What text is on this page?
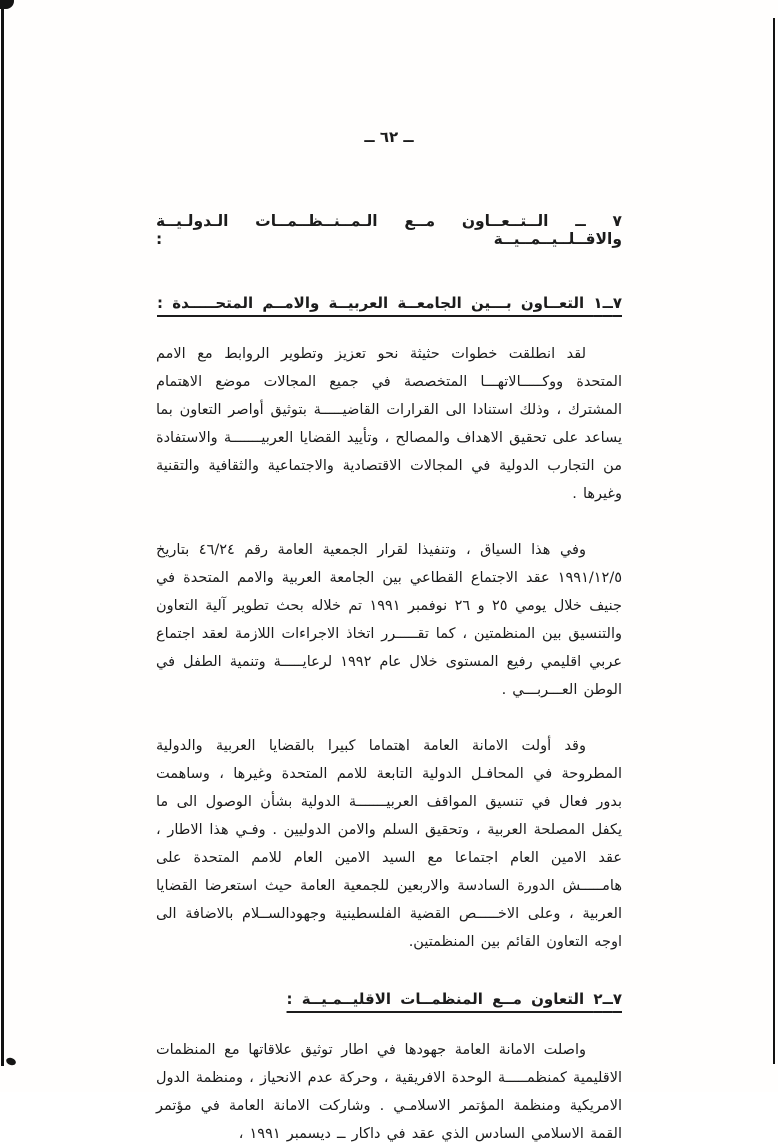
ــ ٦٢ ــ
٧ ــ الــتــعــاون مــع الـمــنــظــمــات الـدولـيــة والاقــلــيــمــيــة :
٧ــ١ التعــاون بـــين الجامعــة العربيــة والامــم المتحـــــدة :

لقد انطلقت خطوات حثيثة نحو تعزيز وتطوير الروابط مع الامم المتحدة ووكـــــالاتهـــا المتخصصة في جميع المجالات موضع الاهتمام المشترك ، وذلك استنادا الى القرارات القاضيـــــة بتوثيق أواصر التعاون بما يساعد على تحقيق الاهداف والمصالح ، وتأييد القضايا العربيـــــــة والاستفادة من التجارب الدولية في المجالات الاقتصادية والاجتماعية والثقافية والتقنية وغيرها .

وفي هذا السياق ، وتنفيذا لقرار الجمعية العامة رقم ٤٦/٢٤ بتاريخ ١٩٩١/١٢/٥ عقد الاجتماع القطاعي بين الجامعة العربية والامم المتحدة في جنيف خلال يومي ٢٥ و ٢٦ نوفمبر ١٩٩١ تم خلاله بحث تطوير آلية التعاون والتنسيق بين المنظمتين ، كما تقـــــرر اتخاذ الاجراءات اللازمة لعقد اجتماع عربي اقليمي رفيع المستوى خلال عام ١٩٩٢ لرعايـــــة وتنمية الطفل في الوطن العـــربـــي .

وقد أولت الامانة العامة اهتماما كبيرا بالقضايا العربية والدولية المطروحة في المحافـل الدولية التابعة للامم المتحدة وغيرها ، وساهمت بدور فعال في تنسيق المواقف العربيـــــــة الدولية بشأن الوصول الى ما يكفل المصلحة العربية ، وتحقيق السلم والامن الدوليين . وفـي هذا الاطار ، عقد الامين العام اجتماعا مع السيد الامين العام للامم المتحدة على هامـــــش الدورة السادسة والاربعين للجمعية العامة حيث استعرضا القضايا العربية ، وعلى الاخـــــص القضية الفلسطينية وجهودالســلام بالاضافة الى اوجه التعاون القائم بين المنظمتين.

٧ــ٢ التعاون مــع المنظمــات الاقليــمـيــة :

واصلت الامانة العامة جهودها في اطار توثيق علاقاتها مع المنظمات الاقليمية كمنظمـــــة الوحدة الافريقية ، وحركة عدم الانحياز ، ومنظمة الدول الامريكية ومنظمة المؤتمر الاسلامـي . وشاركت الامانة العامة في مؤتمر القمة الاسلامي السادس الذي عقد في داكار ــ ديسمبر ١٩٩١ ،
